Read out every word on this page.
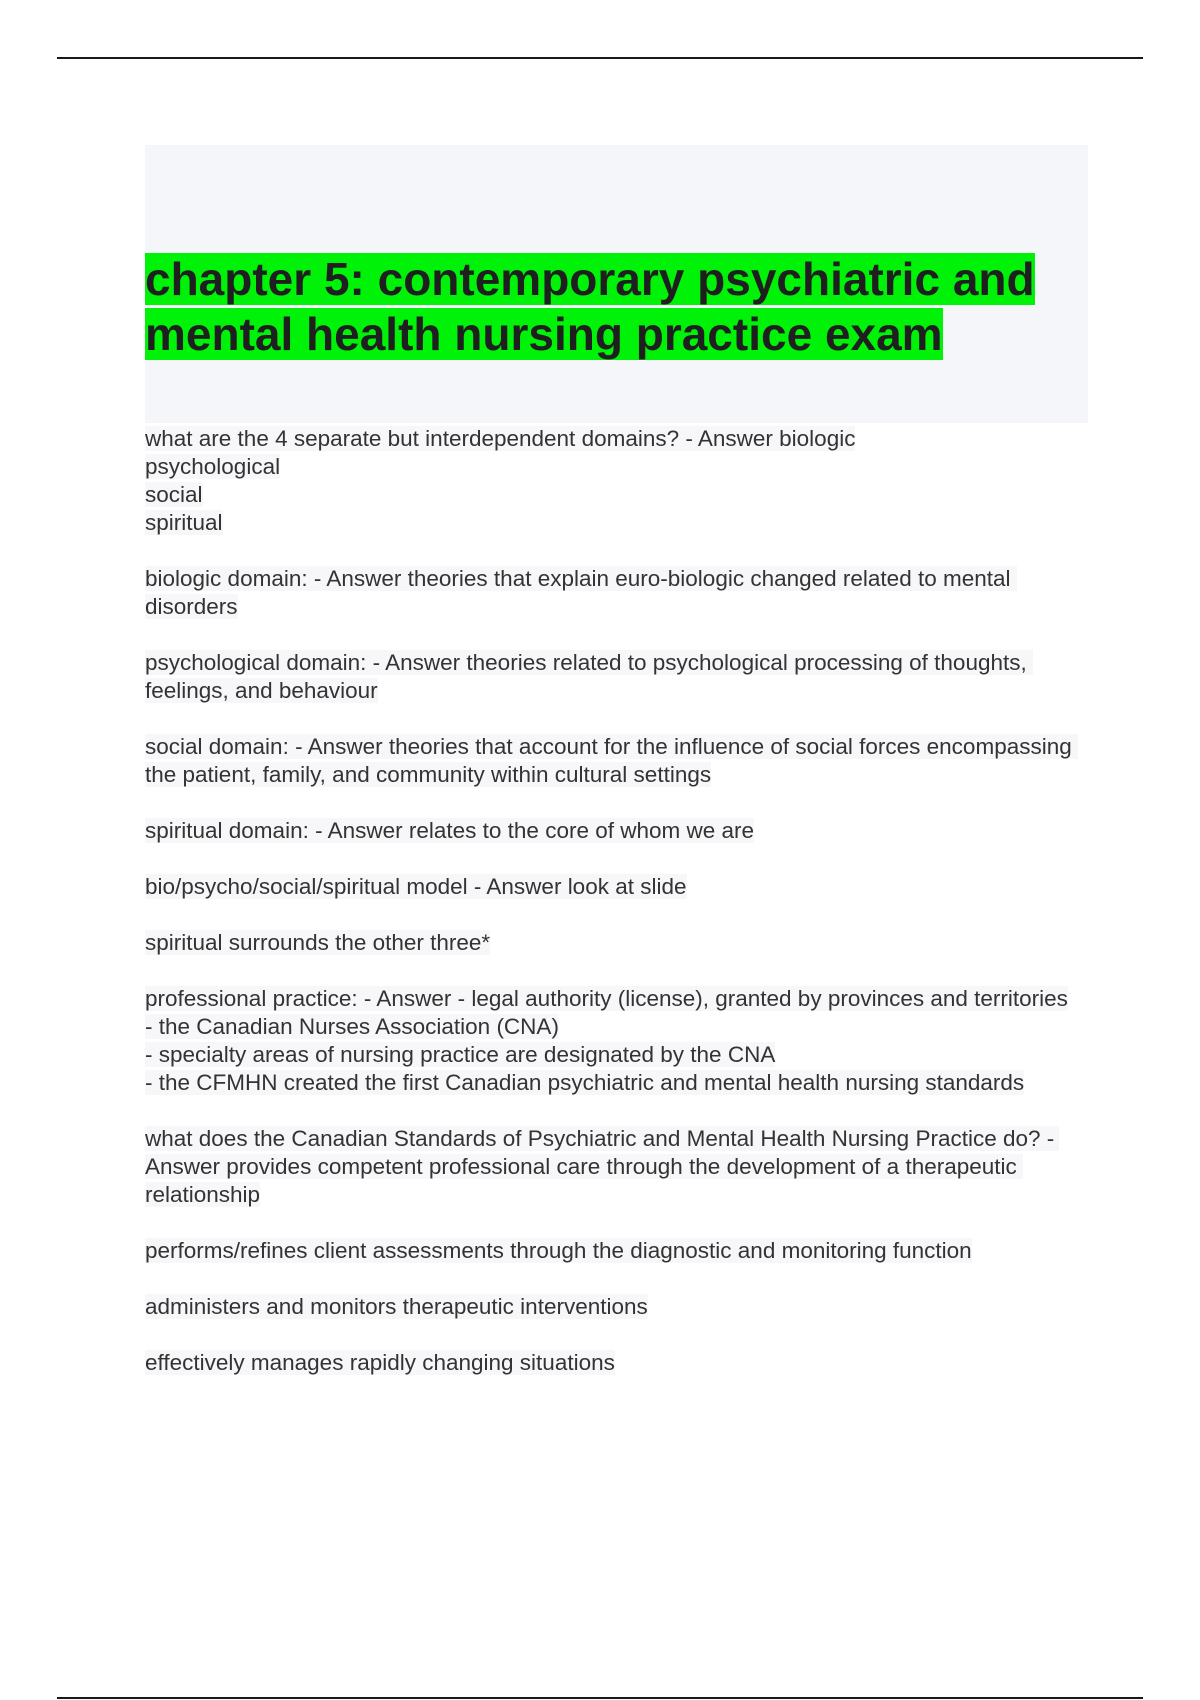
chapter 5: contemporary psychiatric and mental health nursing practice exam

what are the 4 separate but interdependent domains? - Answer biologic
psychological
social
spiritual

biologic domain: - Answer theories that explain euro-biologic changed related to mental disorders

psychological domain: - Answer theories related to psychological processing of thoughts, feelings, and behaviour

social domain: - Answer theories that account for the influence of social forces encompassing the patient, family, and community within cultural settings

spiritual domain: - Answer relates to the core of whom we are

bio/psycho/social/spiritual model - Answer look at slide

spiritual surrounds the other three*

professional practice: - Answer - legal authority (license), granted by provinces and territories
- the Canadian Nurses Association (CNA)
- specialty areas of nursing practice are designated by the CNA
- the CFMHN created the first Canadian psychiatric and mental health nursing standards

what does the Canadian Standards of Psychiatric and Mental Health Nursing Practice do? - Answer provides competent professional care through the development of a therapeutic relationship

performs/refines client assessments through the diagnostic and monitoring function

administers and monitors therapeutic interventions

effectively manages rapidly changing situations
